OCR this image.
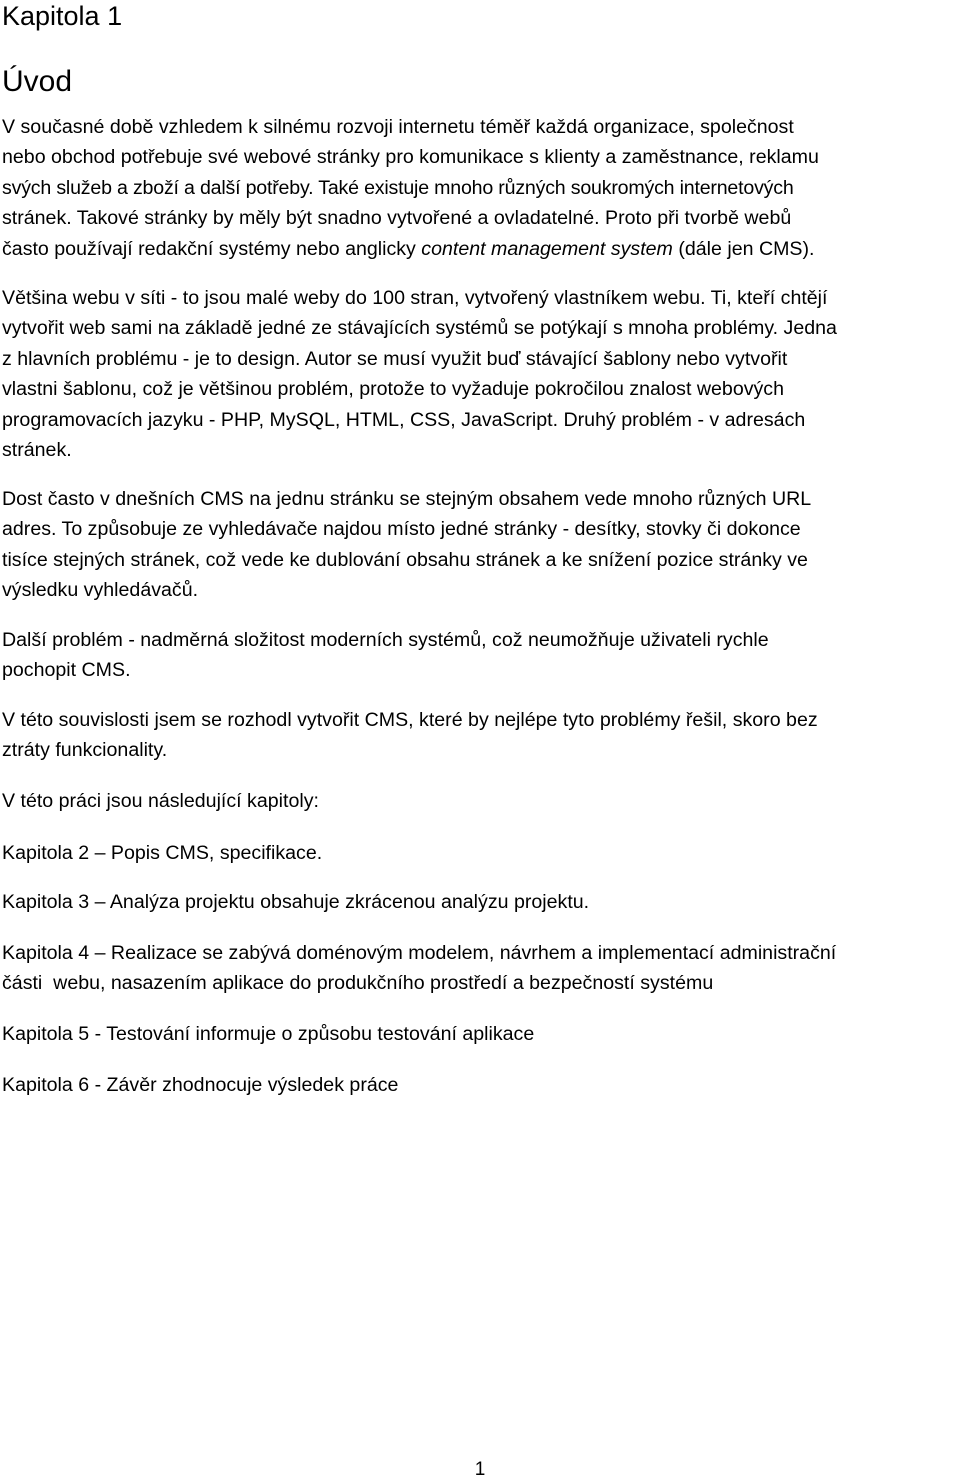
Kapitola 1
Úvod

V současné době vzhledem k silnému rozvoji internetu téměř každá organizace, společnost
nebo obchod potřebuje své webové stránky pro komunikace s klienty a zaměstnance, reklamu
svých služeb a zboží a další potřeby. Také existuje mnoho různých soukromých internetových
stránek. Takové stránky by měly být snadno vytvořené a ovladatelné. Proto při tvorbě webů
často používají redakční systémy nebo anglicky content management system (dále jen CMS).

Většina webu v síti - to jsou malé weby do 100 stran, vytvořený vlastníkem webu. Ti, kteří chtějí
vytvořit web sami na základě jedné ze stávajících systémů se potýkají s mnoha problémy. Jedna
z hlavních problému - je to design. Autor se musí využit buď stávající šablony nebo vytvořit
vlastni šablonu, což je většinou problém, protože to vyžaduje pokročilou znalost webových
programovacích jazyku - PHP, MySQL, HTML, CSS, JavaScript. Druhý problém - v adresách
stránek.

Dost často v dnešních CMS na jednu stránku se stejným obsahem vede mnoho různých URL
adres. To způsobuje ze vyhledávače najdou místo jedné stránky - desítky, stovky či dokonce
tisíce stejných stránek, což vede ke dublování obsahu stránek a ke snížení pozice stránky ve
výsledku vyhledávačů.

Další problém - nadměrná složitost moderních systémů, což neumožňuje uživateli rychle
pochopit CMS.

V této souvislosti jsem se rozhodl vytvořit CMS, které by nejlépe tyto problémy řešil, skoro bez
ztráty funkcionality.

V této práci jsou následující kapitoly:

Kapitola 2 – Popis CMS, specifikace.

Kapitola 3 – Analýza projektu obsahuje zkrácenou analýzu projektu.

Kapitola 4 – Realizace se zabývá doménovým modelem, návrhem a implementací administrační
části  webu, nasazením aplikace do produkčního prostředí a bezpečností systému

Kapitola 5 - Testování informuje o způsobu testování aplikace

Kapitola 6 - Závěr zhodnocuje výsledek práce

1
